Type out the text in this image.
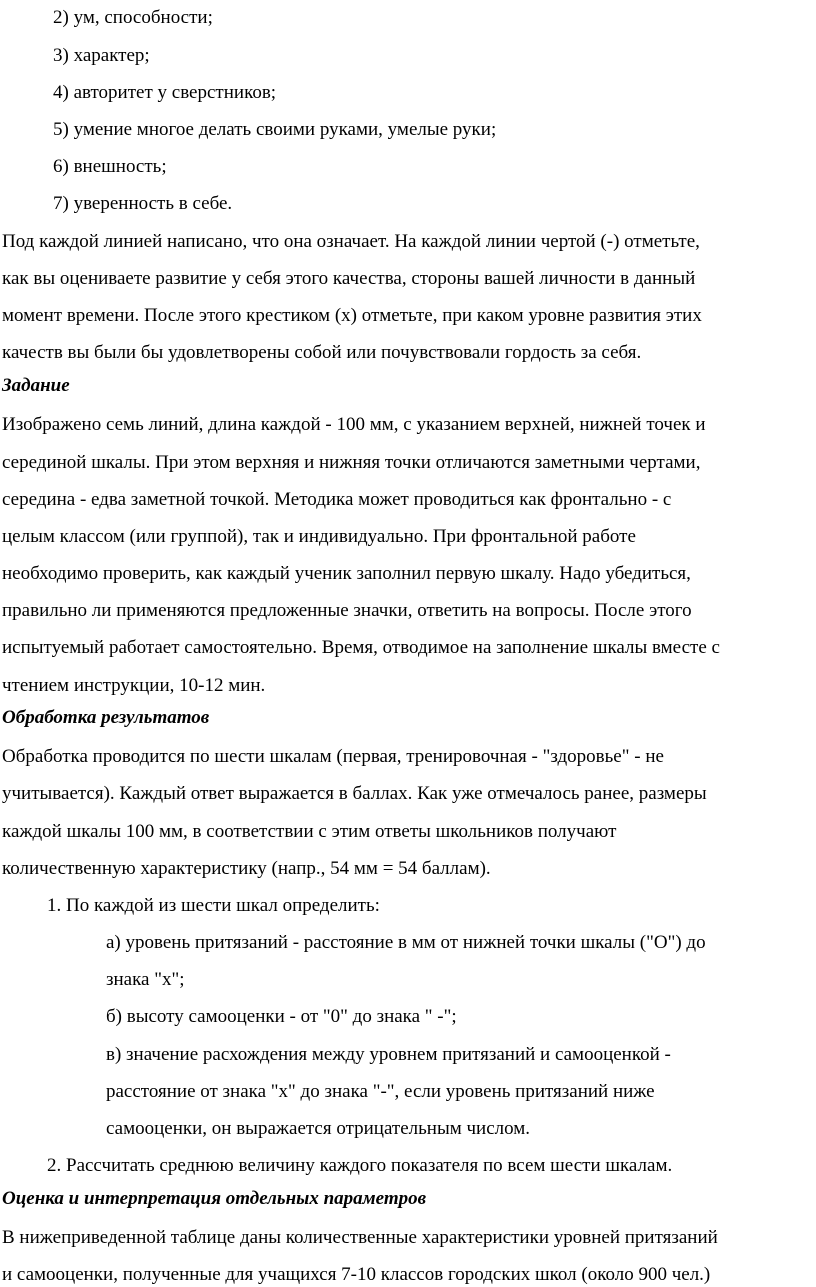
2) ум, способности;
3) характер;
4) авторитет у сверстников;
5) умение многое делать своими руками, умелые руки;
6) внешность;
7) уверенность в себе.
Под каждой линией написано, что она означает. На каждой линии чертой (-) отметьте,
как вы оцениваете развитие у себя этого качества, стороны вашей личности в данный
момент времени. После этого крестиком (х) отметьте, при каком уровне развития этих
качеств вы были бы удовлетворены собой или почувствовали гордость за себя.
Задание
Изображено семь линий, длина каждой - 100 мм, с указанием верхней, нижней точек и
серединой шкалы. При этом верхняя и нижняя точки отличаются заметными чертами,
середина - едва заметной точкой. Методика может проводиться как фронтально - с
целым классом (или группой), так и индивидуально. При фронтальной работе
необходимо проверить, как каждый ученик заполнил первую шкалу. Надо убедиться,
правильно ли применяются предложенные значки, ответить на вопросы. После этого
испытуемый работает самостоятельно. Время, отводимое на заполнение шкалы вместе с
чтением инструкции, 10-12 мин.
Обработка результатов
Обработка проводится по шести шкалам (первая, тренировочная - "здоровье" - не
учитывается). Каждый ответ выражается в баллах. Как уже отмечалось ранее, размеры
каждой шкалы 100 мм, в соответствии с этим ответы школьников получают
количественную характеристику (напр., 54 мм = 54 баллам).
1. По каждой из шести шкал определить:
а) уровень притязаний - расстояние в мм от нижней точки шкалы ("О") до
знака "х";
б) высоту самооценки - от "0" до знака " -";
в) значение расхождения между уровнем притязаний и самооценкой -
расстояние от знака "х" до знака "-", если уровень притязаний ниже
самооценки, он выражается отрицательным числом.
2. Рассчитать среднюю величину каждого показателя по всем шести шкалам.
Оценка и интерпретация отдельных параметров
В нижеприведенной таблице даны количественные характеристики уровней притязаний
и самооценки, полученные для учащихся 7-10 классов городских школ (около 900 чел.)
